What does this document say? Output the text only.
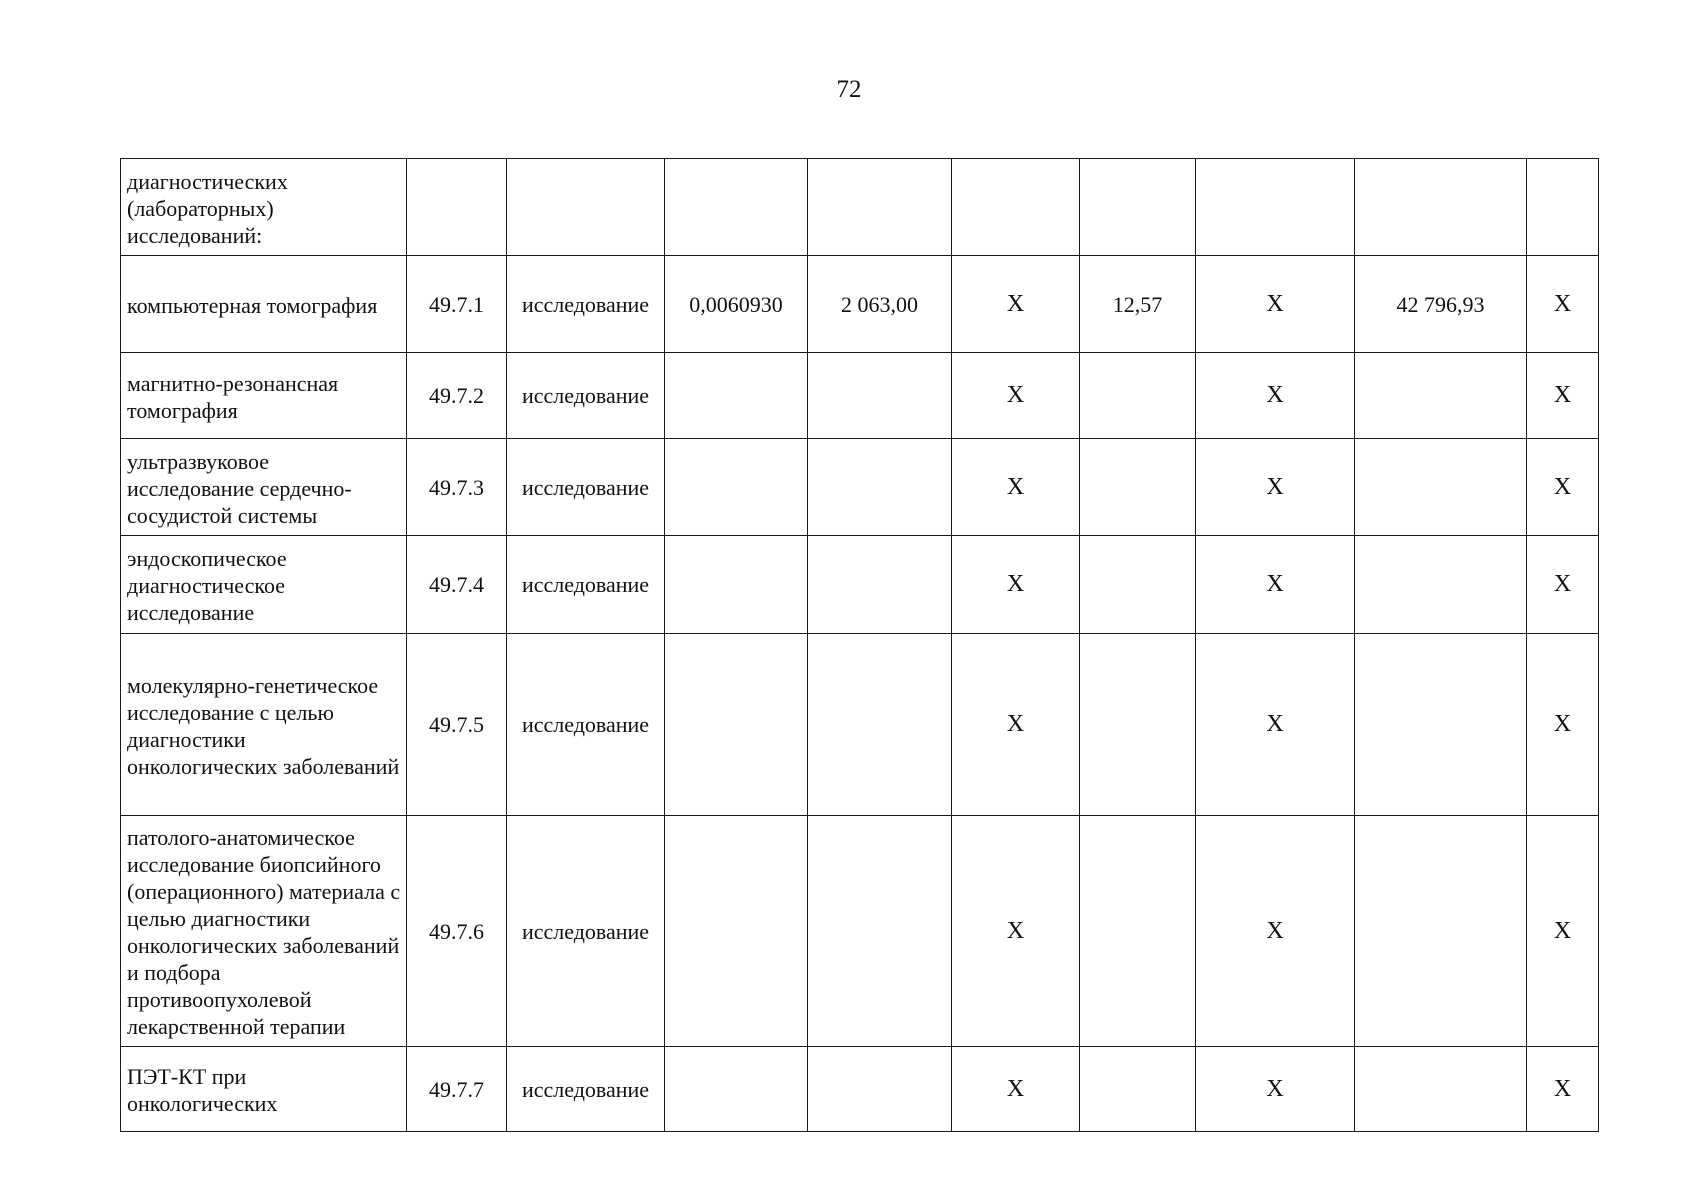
72
диагностических (лабораторных) исследований:									
компьютерная томография	49.7.1	исследование	0,0060930	2 063,00	X	12,57	X	42 796,93	X
магнитно-резонансная томография	49.7.2	исследование			X		X		X
ультразвуковое исследование сердечно-сосудистой системы	49.7.3	исследование			X		X		X
эндоскопическое диагностическое исследование	49.7.4	исследование			X		X		X
молекулярно-генетическое исследование с целью диагностики онкологических заболеваний	49.7.5	исследование			X		X		X
патолого-анатомическое исследование биопсийного (операционного) материала с целью диагностики онкологических заболеваний и подбора противоопухолевой лекарственной терапии	49.7.6	исследование			X		X		X
ПЭТ-КТ при онкологических	49.7.7	исследование			X		X		X
